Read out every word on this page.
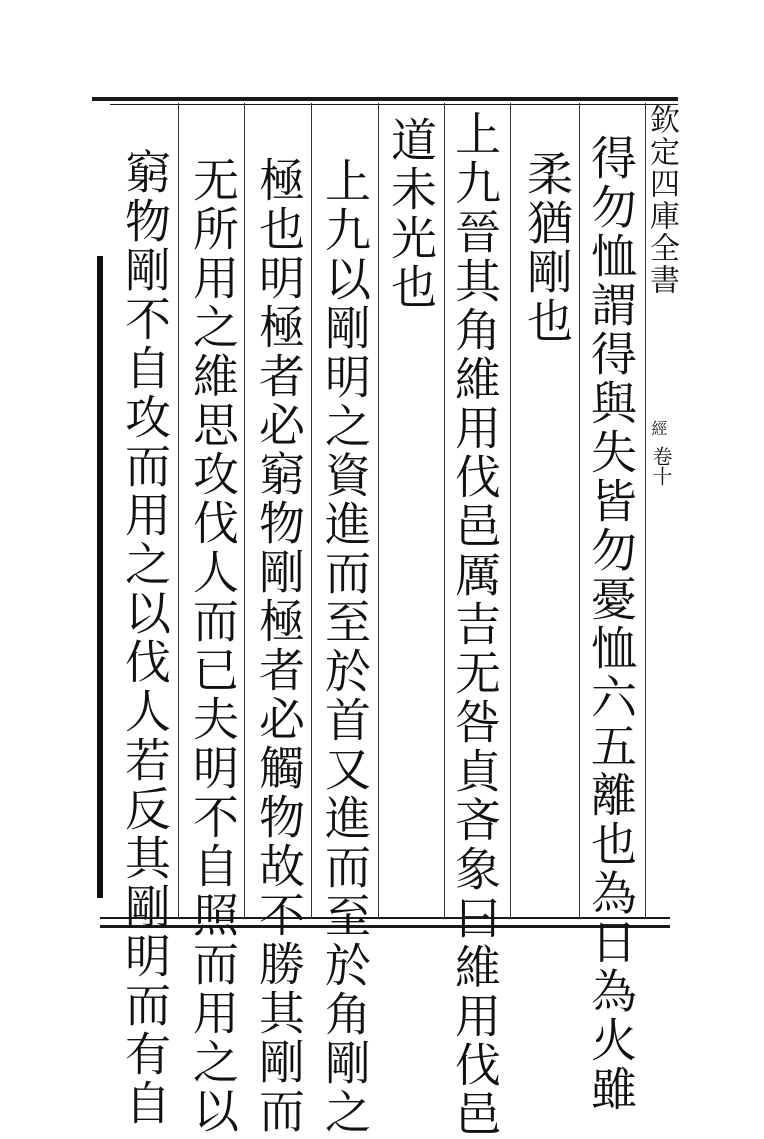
欽定四庫全書
經
卷十
得勿恤謂得與失皆勿憂恤六五離也為日為火雖
柔猶剛也
上九晉其角維用伐邑厲吉无咎貞吝象曰維用伐邑
道未光也
上九以剛明之資進而至於首又進而至於角剛之
極也明極者必窮物剛極者必觸物故不勝其剛而
无所用之維思攻伐人而已夫明不自照而用之以
窮物剛不自攻而用之以伐人若反其剛明而有自
